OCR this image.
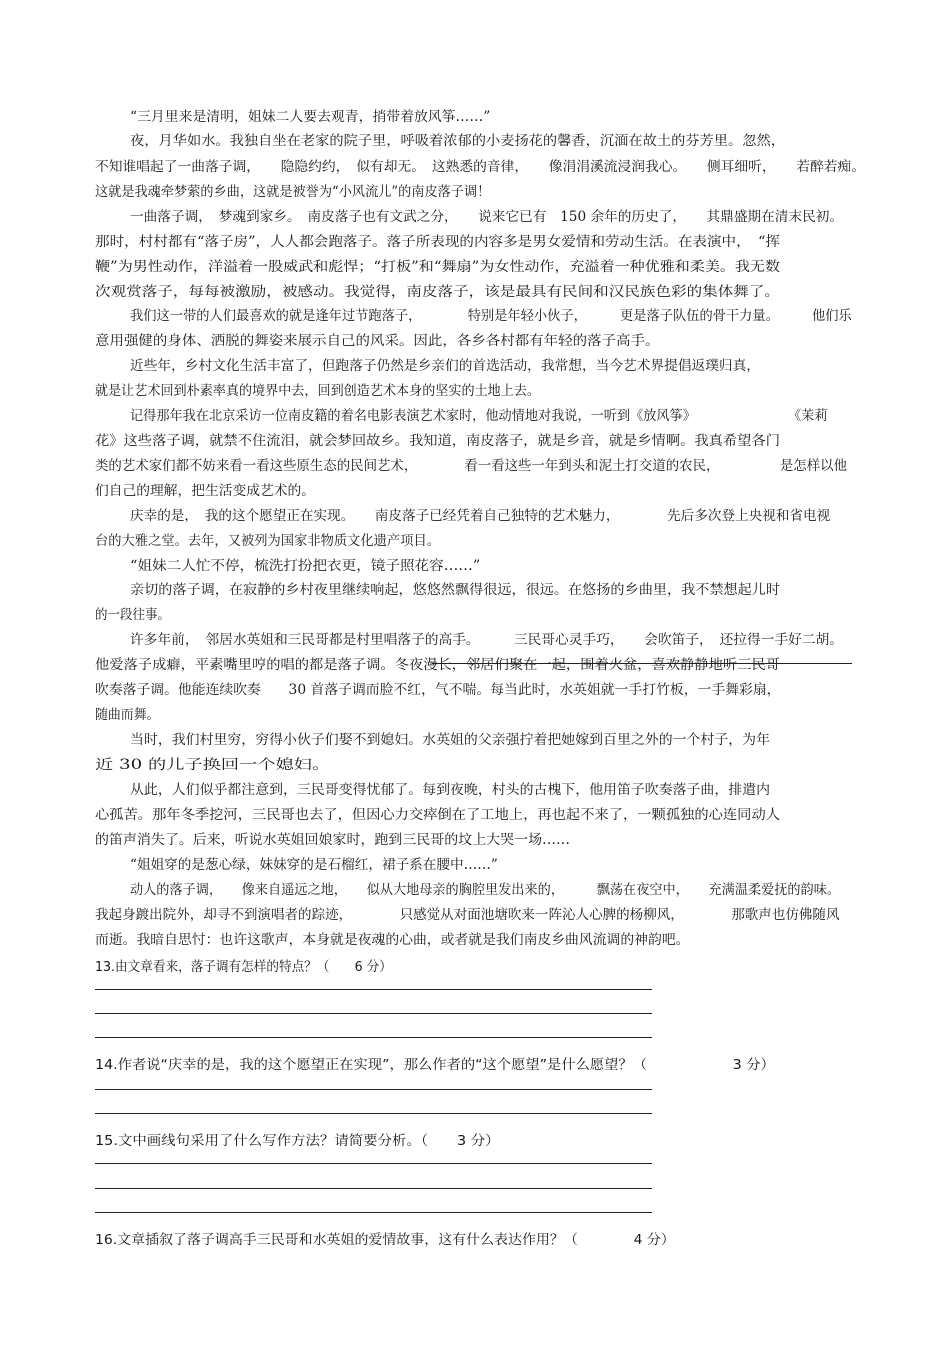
“三月里来是清明，姐妹二人要去观青，捎带着放风筝……”
夜，月华如水。我独自坐在老家的院子里，呼吸着浓郁的小麦扬花的馨香，沉湎在故土的芬芳里。忽然，
不知谁唱起了一曲落子调，　　隐隐约约，　似有却无。　这熟悉的音律，　　像涓涓溪流浸润我心。　　侧耳细听，　　若醉若痴。
这就是我魂牵梦萦的乡曲，这就是被誉为“小风流儿”的南皮落子调！
一曲落子调，　梦魂到家乡。　南皮落子也有文武之分，　　说来它已有　150 余年的历史了，　　其鼎盛期在清末民初。
那时，村村都有“落子房”，人人都会跑落子。落子所表现的内容多是男女爱情和劳动生活。在表演中，　“挥
鞭”为男性动作，洋溢着一股威武和彪悍；“打板”和“舞扇”为女性动作，充溢着一种优雅和柔美。我无数
次观赏落子，每每被激励，被感动。我觉得，南皮落子，该是最具有民间和汉民族色彩的集体舞了。
我们这一带的人们最喜欢的就是逢年过节跑落子，　　　　特别是年轻小伙子，　　　更是落子队伍的骨干力量。　　　他们乐
意用强健的身体、洒脱的舞姿来展示自己的风采。因此，各乡各村都有年轻的落子高手。
近些年，乡村文化生活丰富了，但跑落子仍然是乡亲们的首选活动，我常想，当今艺术界提倡返璞归真，
就是让艺术回到朴素率真的境界中去，回到创造艺术本身的坚实的土地上去。
记得那年我在北京采访一位南皮籍的着名电影表演艺术家时，他动情地对我说，一听到《放风筝》　　　　　　　　《茉莉
花》这些落子调，就禁不住流泪，就会梦回故乡。我知道，南皮落子，就是乡音，就是乡情啊。我真希望各门
类的艺术家们都不妨来看一看这些原生态的民间艺术，　　　　看一看这些一年到头和泥土打交道的农民，　　　　　是怎样以他
们自己的理解，把生活变成艺术的。
庆幸的是，　我的这个愿望正在实现。　　南皮落子已经凭着自己独特的艺术魅力，　　　　先后多次登上央视和省电视
台的大雅之堂。去年，又被列为国家非物质文化遗产项目。
“姐妹二人忙不停，梳洗打扮把衣更，镜子照花容……”
亲切的落子调，在寂静的乡村夜里继续响起，悠悠然飘得很远，很远。在悠扬的乡曲里，我不禁想起儿时
的一段往事。
许多年前，　邻居水英姐和三民哥都是村里唱落子的高手。　　　三民哥心灵手巧，　　会吹笛子，　还拉得一手好二胡。
他爱落子成癖，平素嘴里哼的唱的都是落子调。冬夜漫长，邻居们聚在一起，围着火盆，喜欢静静地听三民哥
吹奏落子调。他能连续吹奏　　30 首落子调而脸不红，气不喘。每当此时，水英姐就一手打竹板，一手舞彩扇，
随曲而舞。
当时，我们村里穷，穷得小伙子们娶不到媳妇。水英姐的父亲强拧着把她嫁到百里之外的一个村子，为年
近 30 的儿子换回一个媳妇。
从此，人们似乎都注意到，三民哥变得忧郁了。每到夜晚，村头的古槐下，他用笛子吹奏落子曲，排遣内
心孤苦。那年冬季挖河，三民哥也去了，但因心力交瘁倒在了工地上，再也起不来了，一颗孤独的心连同动人
的笛声消失了。后来，听说水英姐回娘家时，跑到三民哥的坟上大哭一场……
“姐姐穿的是葱心绿，妹妹穿的是石榴红，裙子系在腰中……”
动人的落子调，　　像来自遥远之地，　　似从大地母亲的胸腔里发出来的，　　　飘荡在夜空中，　　充满温柔爱抚的韵味。
我起身踱出院外，却寻不到演唱者的踪迹，　　　　只感觉从对面池塘吹来一阵沁人心脾的杨柳风，　　　　那歌声也仿佛随风
而逝。我暗自思忖：也许这歌声，本身就是夜魂的心曲，或者就是我们南皮乡曲风流调的神韵吧。
13.由文章看来，落子调有怎样的特点？（　　6 分）
14.作者说“庆幸的是，我的这个愿望正在实现”，那么作者的“这个愿望”是什么愿望？（　　　　　　3 分）
15.文中画线句采用了什么写作方法？请简要分析。（　　3 分）
16.文章插叙了落子调高手三民哥和水英姐的爱情故事，这有什么表达作用？（　　　　4 分）
